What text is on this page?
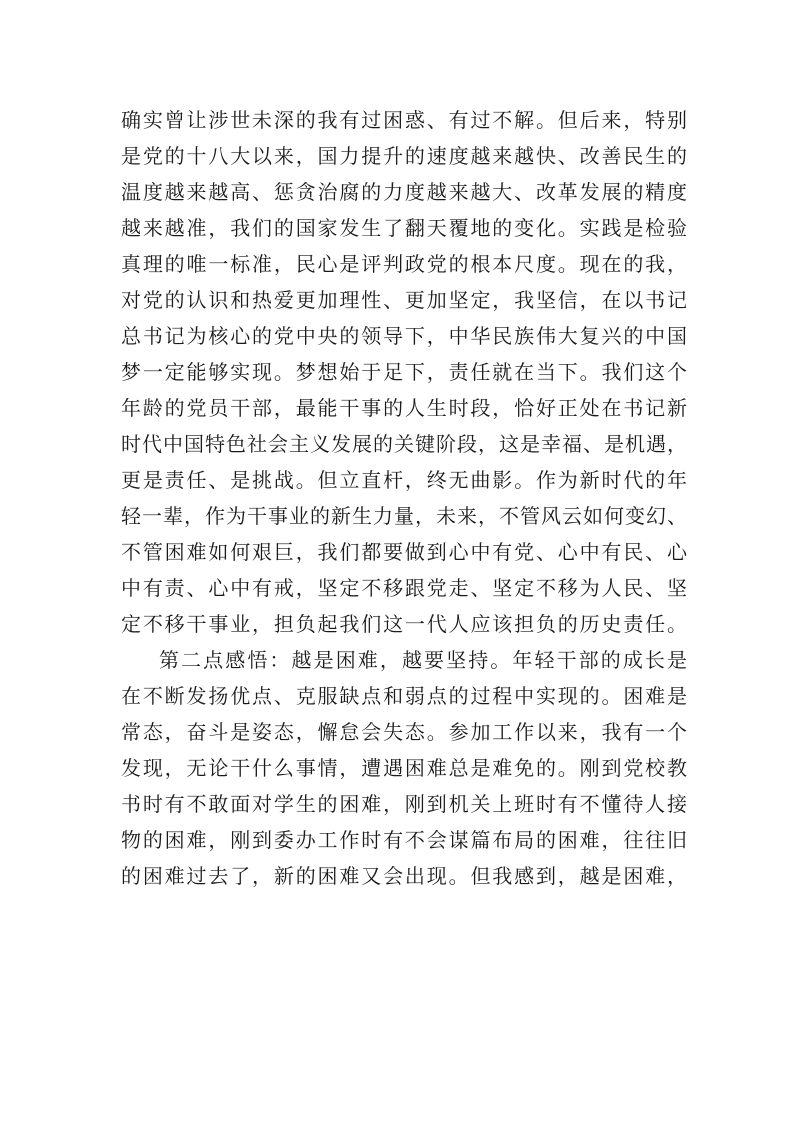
确实曾让涉世未深的我有过困惑、有过不解。但后来，特别
是党的十八大以来，国力提升的速度越来越快、改善民生的
温度越来越高、惩贪治腐的力度越来越大、改革发展的精度
越来越准，我们的国家发生了翻天覆地的变化。实践是检验
真理的唯一标准，民心是评判政党的根本尺度。现在的我，
对党的认识和热爱更加理性、更加坚定，我坚信，在以书记
总书记为核心的党中央的领导下，中华民族伟大复兴的中国
梦一定能够实现。梦想始于足下，责任就在当下。我们这个
年龄的党员干部，最能干事的人生时段，恰好正处在书记新
时代中国特色社会主义发展的关键阶段，这是幸福、是机遇，
更是责任、是挑战。但立直杆，终无曲影。作为新时代的年
轻一辈，作为干事业的新生力量，未来，不管风云如何变幻、
不管困难如何艰巨，我们都要做到心中有党、心中有民、心
中有责、心中有戒，坚定不移跟党走、坚定不移为人民、坚
定不移干事业，担负起我们这一代人应该担负的历史责任。
第二点感悟：越是困难，越要坚持。年轻干部的成长是
在不断发扬优点、克服缺点和弱点的过程中实现的。困难是
常态，奋斗是姿态，懈怠会失态。参加工作以来，我有一个
发现，无论干什么事情，遭遇困难总是难免的。刚到党校教
书时有不敢面对学生的困难，刚到机关上班时有不懂待人接
物的困难，刚到委办工作时有不会谋篇布局的困难，往往旧
的困难过去了，新的困难又会出现。但我感到，越是困难，
